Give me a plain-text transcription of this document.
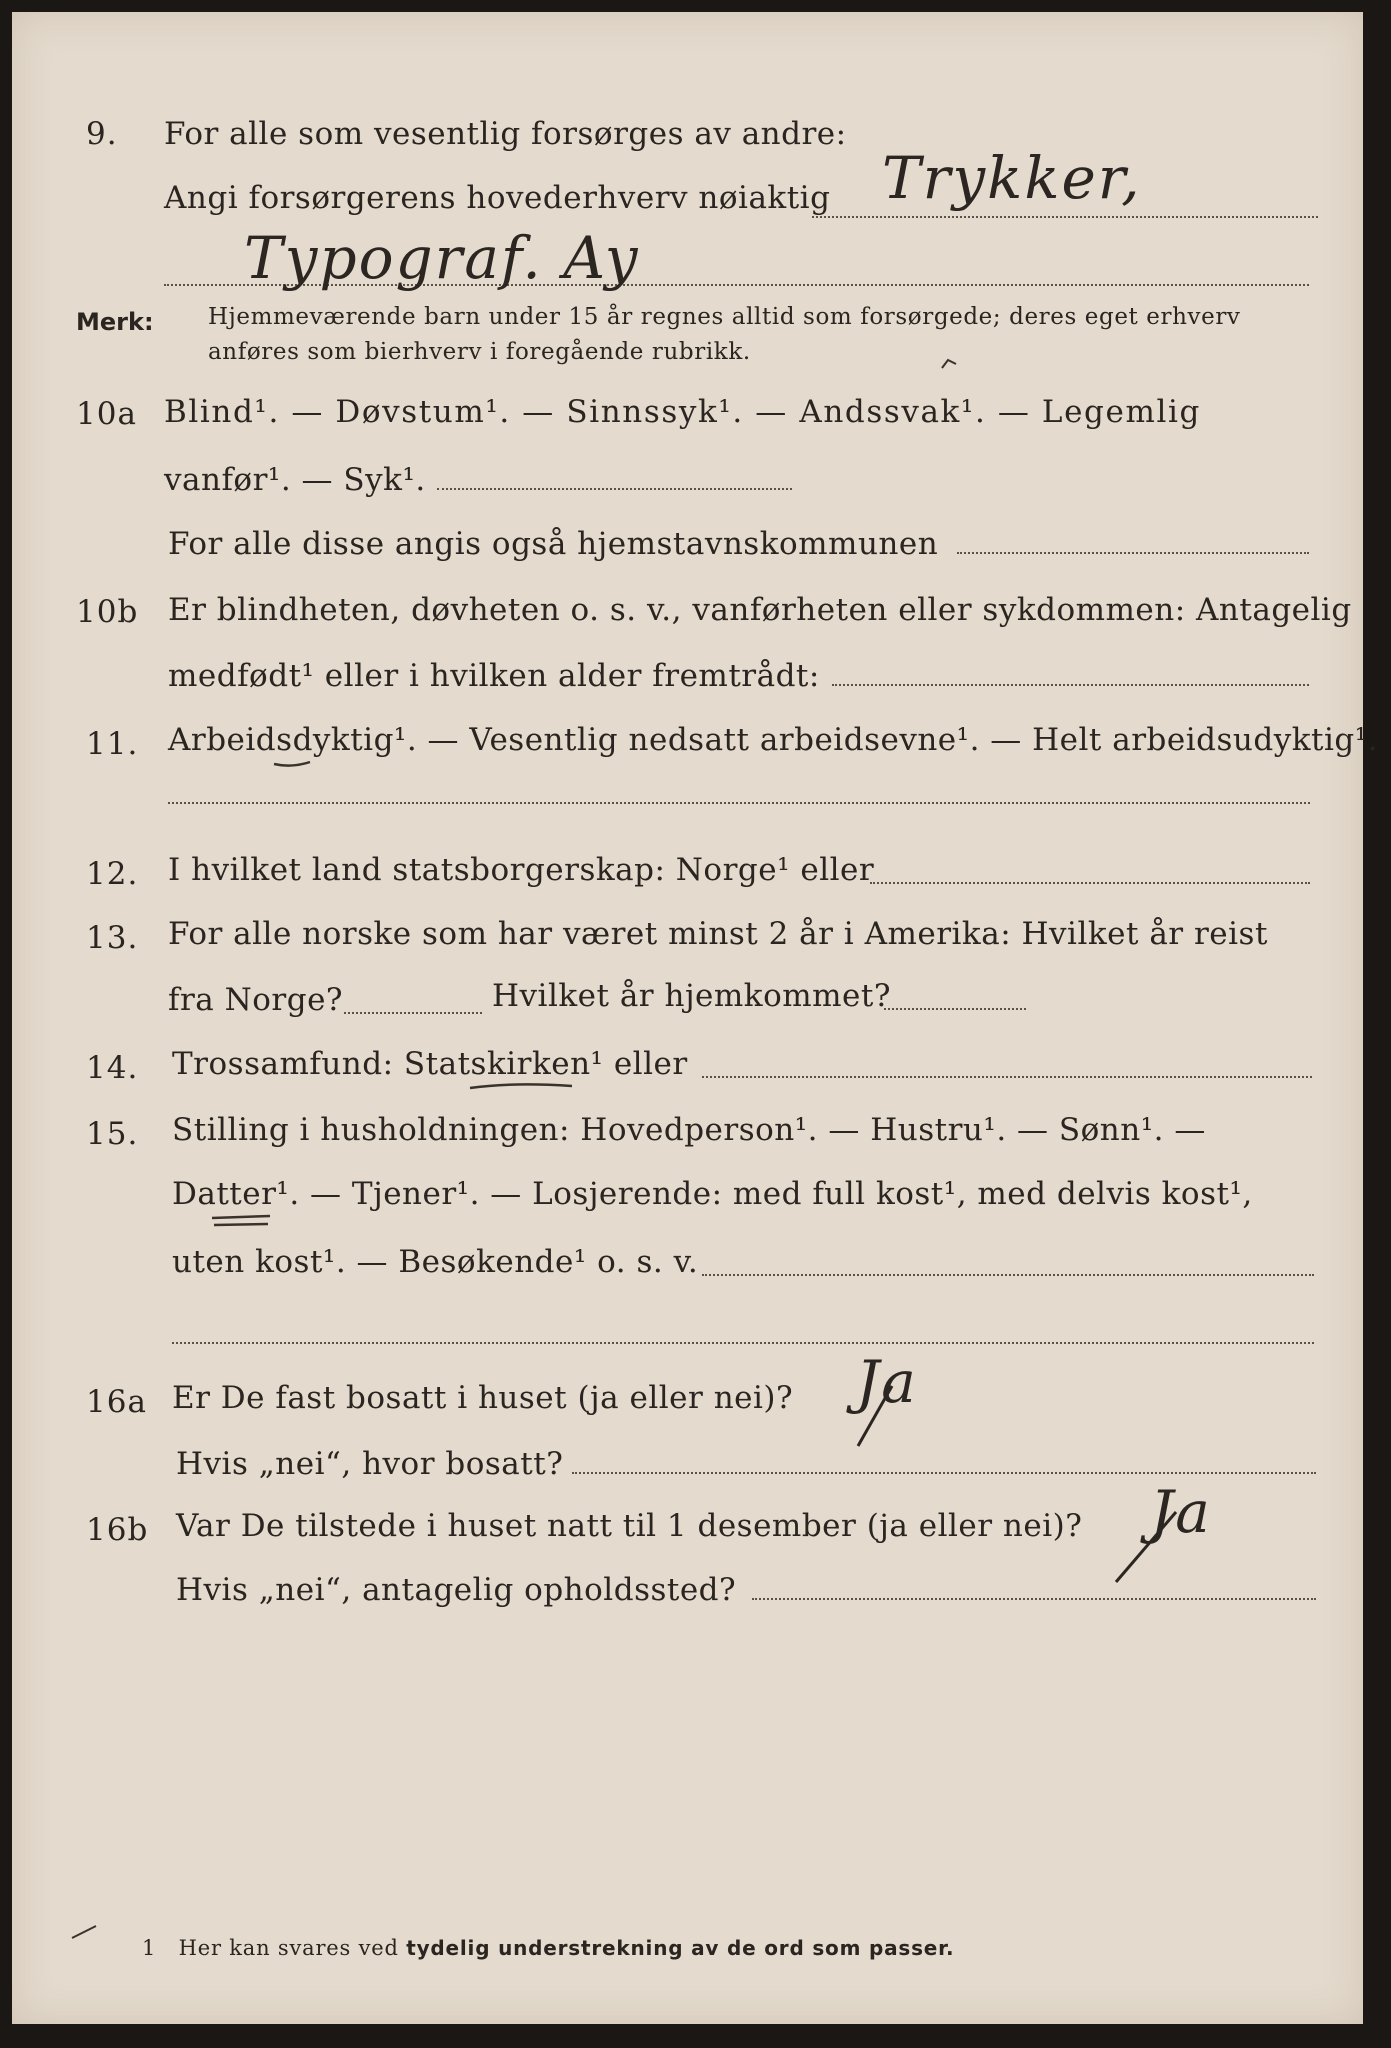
9. For alle som vesentlig forsørges av andre:
Angi forsørgerens hovederhverv nøiaktig Trykker,
Typograf. Ay
Merk: Hjemmeværende barn under 15 år regnes alltid som forsørgede; deres eget erhverv
anføres som bierhverv i foregående rubrikk.
10a Blind¹. — Døvstum¹. — Sinnssyk¹. — Andssvak¹. — Legemlig
vanfør¹. — Syk¹.
For alle disse angis også hjemstavnskommunen
10b Er blindheten, døvheten o. s. v., vanførheten eller sykdommen: Antagelig
medfødt¹ eller i hvilken alder fremtrådt:
11. Arbeidsdyktig¹. — Vesentlig nedsatt arbeidsevne¹. — Helt arbeidsudyktig¹.
12. I hvilket land statsborgerskap: Norge¹ eller
13. For alle norske som har været minst 2 år i Amerika: Hvilket år reist
fra Norge?	Hvilket år hjemkommet?
14. Trossamfund: Statskirken¹ eller
15. Stilling i husholdningen: Hovedperson¹. — Hustru¹. — Sønn¹. —
Datter¹. — Tjener¹. — Losjerende: med full kost¹, med delvis kost¹,
uten kost¹. — Besøkende¹ o. s. v.
16a Er De fast bosatt i huset (ja eller nei)? Ja
Hvis „nei“, hvor bosatt?
16b Var De tilstede i huset natt til 1 desember (ja eller nei)? Ja
Hvis „nei“, antagelig opholdssted?
1 Her kan svares ved tydelig understrekning av de ord som passer.
